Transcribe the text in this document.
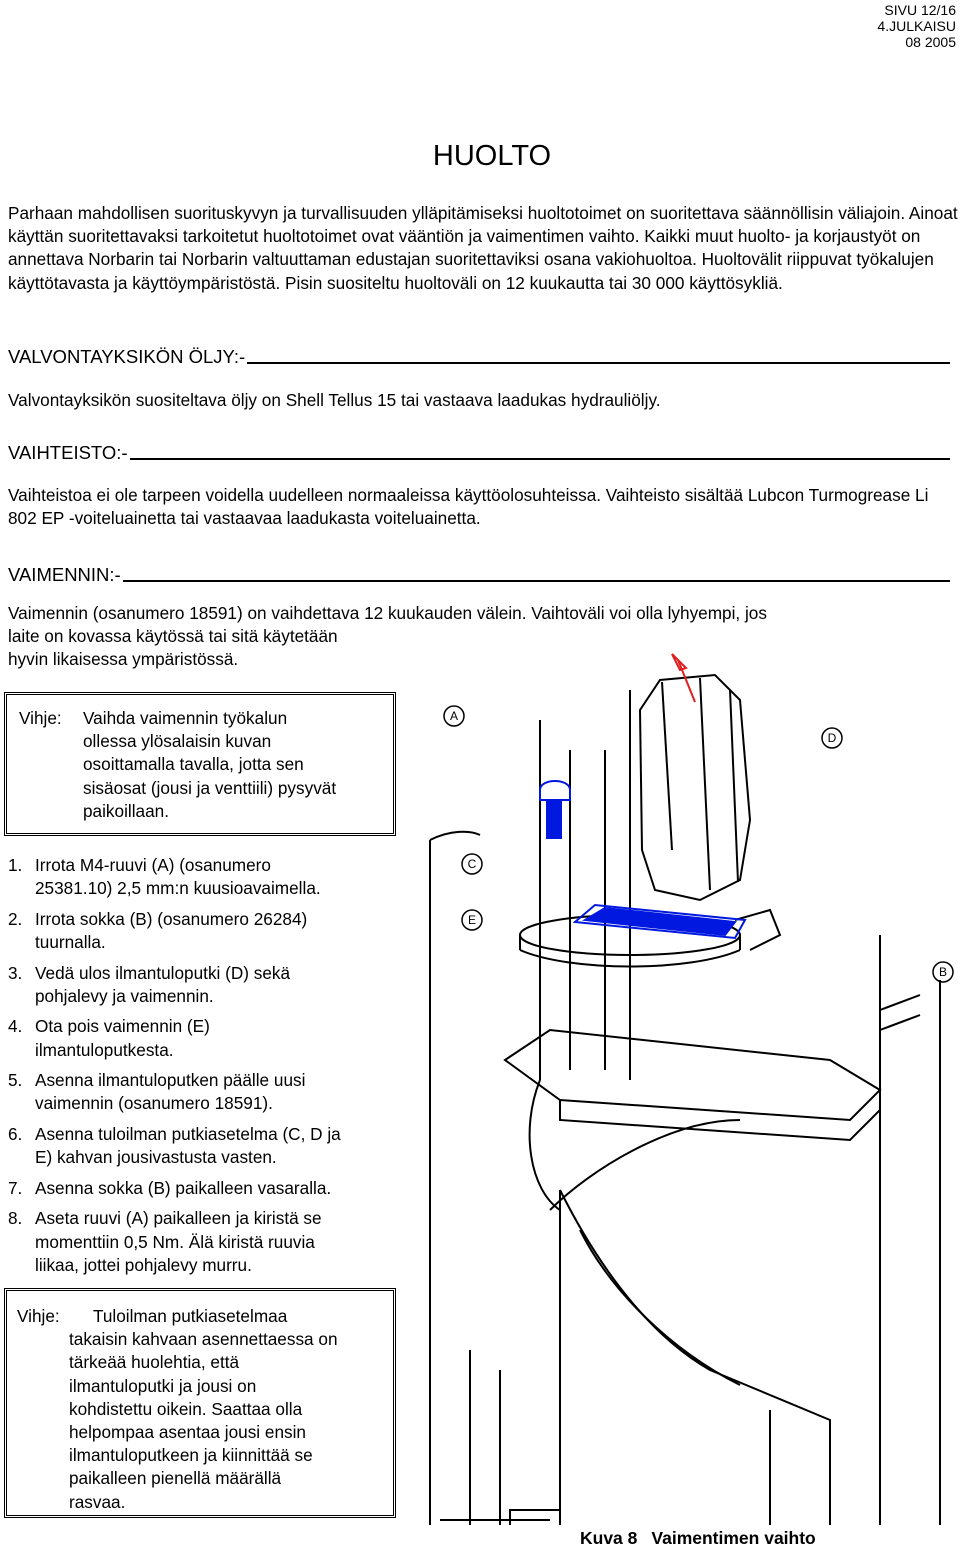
SIVU 12/16
4.JULKAISU
08 2005
HUOLTO
Parhaan mahdollisen suorituskyvyn ja turvallisuuden ylläpitämiseksi huoltotoimet on suoritettava säännöllisin väliajoin. Ainoat käyttän suoritettavaksi tarkoitetut huoltotoimet ovat vääntiön ja vaimentimen vaihto. Kaikki muut huolto- ja korjaustyöt on annettava Norbarin tai Norbarin valtuuttaman edustajan suoritettaviksi osana vakiohuoltoa. Huoltovälit riippuvat työkalujen käyttötavasta ja käyttöympäristöstä. Pisin suositeltu huoltoväli on 12 kuukautta tai 30 000 käyttösykliä.
VALVONTAYKSIKÖN ÖLJY:-
Valvontayksikön suositeltava öljy on Shell Tellus 15 tai vastaava laadukas hydrauliöljy.
VAIHTEISTO:-
Vaihteistoa ei ole tarpeen voidella uudelleen normaaleissa käyttöolosuhteissa. Vaihteisto sisältää Lubcon Turmogrease Li 802 EP -voiteluainetta tai vastaavaa laadukasta voiteluainetta.
VAIMENNIN:-
Vaimennin (osanumero 18591) on vaihdettava 12 kuukauden välein. Vaihtoväli voi olla lyhyempi, jos
laite on kovassa käytössä tai sitä käytetään
hyvin likaisessa ympäristössä.
Vihje:	Vaihda vaimennin työkalun
ollessa ylösalaisin kuvan
osoittamalla tavalla, jotta sen
sisäosat (jousi ja venttiili) pysyvät
paikoillaan.
1. Irrota M4-ruuvi (A) (osanumero
25381.10) 2,5 mm:n kuusioavaimella.
2. Irrota sokka (B) (osanumero 26284)
tuurnalla.
3. Vedä ulos ilmantuloputki (D) sekä
pohjalevy ja vaimennin.
4. Ota pois vaimennin (E)
ilmantuloputkesta.
5. Asenna ilmantuloputken päälle uusi
vaimennin (osanumero 18591).
6. Asenna tuloilman putkiasetelma (C, D ja
E) kahvan jousivastusta vasten.
7. Asenna sokka (B) paikalleen vasaralla.
8. Aseta ruuvi (A) paikalleen ja kiristä se
momenttiin 0,5 Nm. Älä kiristä ruuvia
liikaa, jottei pohjalevy murru.
Vihje:	Tuloilman putkiasetelmaa
takaisin kahvaan asennettaessa on
tärkeää huolehtia, että
ilmantuloputki ja jousi on
kohdistettu oikein. Saattaa olla
helpompaa asentaa jousi ensin
ilmantuloputkeen ja kiinnittää se
paikalleen pienellä määrällä
rasvaa.
A
D
C
E
B
Kuva 8 Vaimentimen vaihto
